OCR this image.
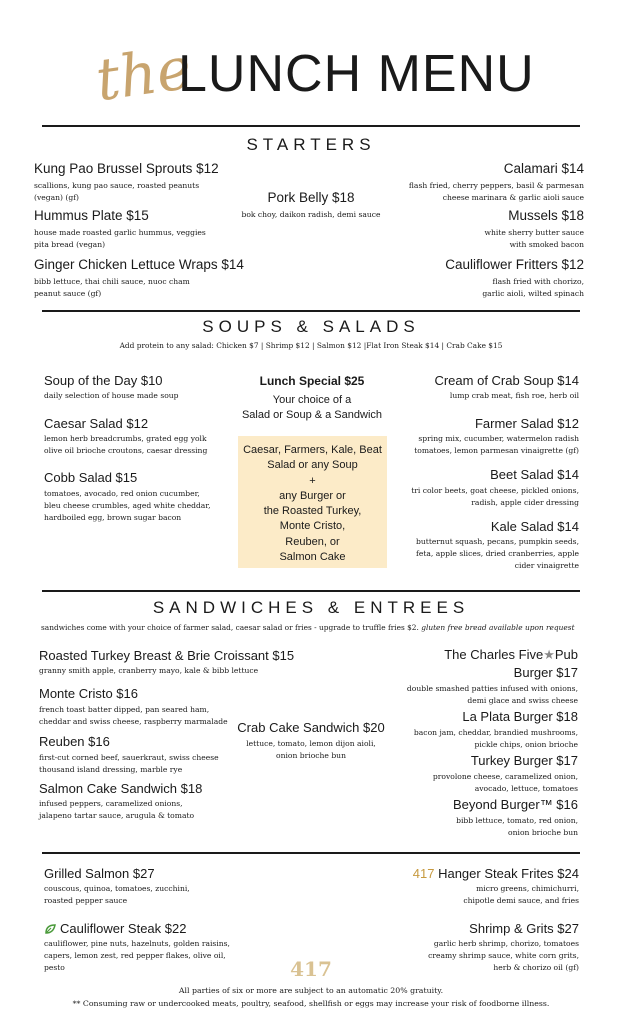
the
LUNCH MENU
STARTERS
Kung Pao Brussel Sprouts $12
scallions, kung pao sauce, roasted peanuts
(vegan) (gf)
Hummus Plate $15
house made roasted garlic hummus, veggies
pita bread (vegan)
Ginger Chicken Lettuce Wraps $14
bibb lettuce, thai chili sauce, nuoc cham
peanut sauce (gf)
Pork Belly $18
bok choy, daikon radish, demi sauce
Calamari $14
flash fried, cherry peppers, basil & parmesan
cheese marinara & garlic aioli sauce
Mussels $18
white sherry butter sauce
with smoked bacon
Cauliflower Fritters $12
flash fried with chorizo,
garlic aioli, wilted spinach
SOUPS & SALADS
Add protein to any salad: Chicken $7 | Shrimp $12 | Salmon $12 |Flat Iron Steak $14 | Crab Cake $15
Soup of the Day $10
daily selection of house made soup
Caesar Salad $12
lemon herb breadcrumbs, grated egg yolk
olive oil brioche croutons, caesar dressing
Cobb Salad $15
tomatoes, avocado, red onion cucumber,
bleu cheese crumbles, aged white cheddar,
hardboiled egg, brown sugar bacon
Lunch Special $25
Your choice of a
Salad or Soup & a Sandwich
Caesar, Farmers, Kale, Beat
Salad or any Soup
+
any Burger or
the Roasted Turkey,
Monte Cristo,
Reuben, or
Salmon Cake
Cream of Crab Soup $14
lump crab meat, fish roe, herb oil
Farmer Salad $12
spring mix, cucumber, watermelon radish
tomatoes, lemon parmesan vinaigrette (gf)
Beet Salad $14
tri color beets, goat cheese, pickled onions,
radish, apple cider dressing
Kale Salad $14
butternut squash, pecans, pumpkin seeds,
feta, apple slices, dried cranberries, apple
cider vinaigrette
SANDWICHES & ENTREES
sandwiches come with your choice of farmer salad, caesar salad or fries - upgrade to truffle fries $2. gluten free bread available upon request
Roasted Turkey Breast & Brie Croissant $15
granny smith apple, cranberry mayo, kale & bibb lettuce
Monte Cristo $16
french toast batter dipped, pan seared ham,
cheddar and swiss cheese, raspberry marmalade
Reuben $16
first-cut corned beef, sauerkraut, swiss cheese
thousand island dressing, marble rye
Salmon Cake Sandwich $18
infused peppers, caramelized onions,
jalapeno tartar sauce, arugula & tomato
Crab Cake Sandwich $20
lettuce, tomato, lemon dijon aioli,
onion brioche bun
The Charles Five★Pub
Burger $17
double smashed patties infused with onions,
demi glace and swiss cheese
La Plata Burger $18
bacon jam, cheddar, brandied mushrooms,
pickle chips, onion brioche
Turkey Burger $17
provolone cheese, caramelized onion,
avocado, lettuce, tomatoes
Beyond Burger™ $16
bibb lettuce, tomato, red onion,
onion brioche bun
Grilled Salmon $27
couscous, quinoa, tomatoes, zucchini,
roasted pepper sauce
Cauliflower Steak $22
cauliflower, pine nuts, hazelnuts, golden raisins,
capers, lemon zest, red pepper flakes, olive oil,
pesto
417 Hanger Steak Frites $24
micro greens, chimichurri,
chipotle demi sauce, and fries
Shrimp & Grits $27
garlic herb shrimp, chorizo, tomatoes
creamy shrimp sauce, white corn grits,
herb & chorizo oil (gf)
417
All parties of six or more are subject to an automatic 20% gratuity.
** Consuming raw or undercooked meats, poultry, seafood, shellfish or eggs may increase your risk of foodborne illness.
